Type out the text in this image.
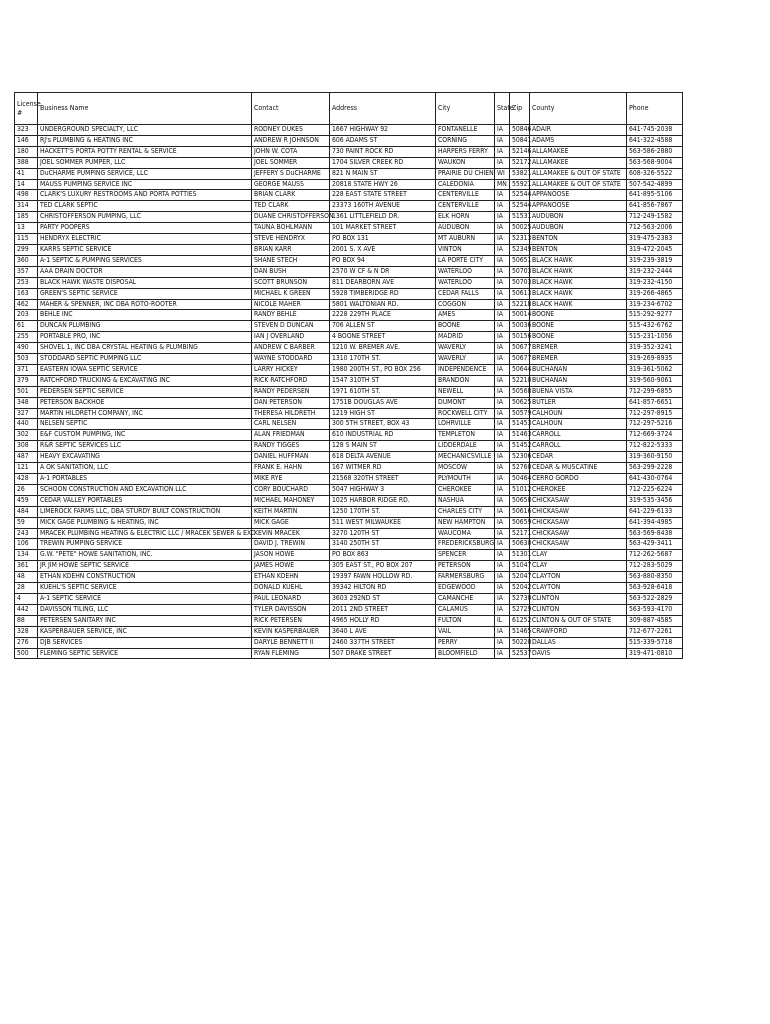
License #	Business Name	Contact	Address	City	State	Zip	County	Phone
323	UNDERGROUND SPECIALTY, LLC	RODNEY DUKES	1667 HIGHWAY 92	FONTANELLE	IA	50846	ADAIR	641-745-2038
146	RJ's PLUMBING & HEATING INC	ANDREW R JOHNSON	606 ADAMS ST	CORNING	IA	50841	ADAMS	641-322-4588
180	HACKETT'S PORTA POTTY RENTAL & SERVICE	JOHN W. COTA	730 PAINT ROCK RD	HARPERS FERRY	IA	52146	ALLAMAKEE	563-586-2880
388	JOEL SOMMER PUMPER, LLC	JOEL SOMMER	1704 SILVER CREEK RD	WAUKON	IA	52172	ALLAMAKEE	563-568-9004
41	DuCHARME PUMPING SERVICE, LLC	JEFFERY S DuCHARME	821 N MAIN ST	PRAIRIE DU CHIEN	WI	53821	ALLAMAKEE & OUT OF STATE	608-326-5522
14	MAUSS PUMPING SERVICE INC	GEORGE MAUSS	20818 STATE HWY 26	CALEDONIA	MN	55921	ALLAMAKEE & OUT OF STATE	507-542-4899
498	CLARK'S LUXURY RESTROOMS AND PORTA POTTIES	BRIAN CLARK	228 EAST STATE STREET	CENTERVILLE	IA	52544	APPANOOSE	641-895-5106
314	TED CLARK SEPTIC	TED CLARK	23373 160TH AVENUE	CENTERVILLE	IA	52544	APPANOOSE	641-856-7867
185	CHRISTOFFERSON PUMPING, LLC	DUANE CHRISTOFFERSON	1361 LITTLEFIELD DR.	ELK HORN	IA	51531	AUDUBON	712-249-1582
13	PARTY POOPERS	TAUNA BOHLMANN	101 MARKET STREET	AUDUBON	IA	50025	AUDUBON	712-563-2006
115	HENDRYX ELECTRIC	STEVE HENDRYX	PO BOX 131	MT AUBURN	IA	52313	BENTON	319-475-2383
299	KARRS SEPTIC SERVICE	BRIAN KARR	2001 S. X AVE	VINTON	IA	52349	BENTON	319-472-2045
360	A-1 SEPTIC & PUMPING SERVICES	SHANE STECH	PO BOX 94	LA PORTE CITY	IA	50651	BLACK HAWK	319-239-3819
357	AAA DRAIN DOCTOR	DAN BUSH	2570 W CF & N DR	WATERLOO	IA	50703	BLACK HAWK	319-232-2444
253	BLACK HAWK WASTE DISPOSAL	SCOTT BRUNSON	811 DEARBORN AVE	WATERLOO	IA	50703	BLACK HAWK	319-232-4150
163	GREEN'S SEPTIC SERVICE	MICHAEL K GREEN	5928 TIMBERIDGE RD	CEDAR FALLS	IA	50613	BLACK HAWK	319-266-4865
462	MAHER & SPENNER, INC DBA ROTO-ROOTER	NICOLE MAHER	5801 WALTONIAN RD.	COGGON	IA	52218	BLACK HAWK	319-234-6702
203	BEHLE INC	RANDY BEHLE	2228 229TH PLACE	AMES	IA	50014	BOONE	515-292-9277
61	DUNCAN PLUMBING	STEVEN D DUNCAN	706 ALLEN ST	BOONE	IA	50036	BOONE	515-432-6762
255	PORTABLE PRO, INC	IAN J OVERLAND	4 BOONE STREET	MADRID	IA	50156	BOONE	515-231-1056
490	SHOVEL 1, INC DBA CRYSTAL HEATING & PLUMBING	ANDREW C BARBER	1210 W. BREMER AVE.	WAVERLY	IA	50677	BREMER	319-352-3241
503	STODDARD SEPTIC PUMPING LLC	WAYNE STODDARD	1310 170TH ST.	WAVERLY	IA	50677	BREMER	319-269-8935
371	EASTERN IOWA SEPTIC SERVICE	LARRY HICKEY	1980 200TH ST., PO BOX 256	INDEPENDENCE	IA	50644	BUCHANAN	319-361-5062
379	RATCHFORD TRUCKING & EXCAVATING INC	RICK RATCHFORD	1547 310TH ST	BRANDON	IA	52210	BUCHANAN	319-560-9061
501	PEDERSEN SEPTIC SERVICE	RANDY PEDERSEN	1971 610TH ST.	NEWELL	IA	50568	BUENA VISTA	712-299-6855
348	PETERSON BACKHOE	DAN PETERSON	1751B DOUGLAS AVE	DUMONT	IA	50625	BUTLER	641-857-6651
327	MARTIN HILDRETH COMPANY, INC	THERESA HILDRETH	1219 HIGH ST	ROCKWELL CITY	IA	50579	CALHOUN	712-297-8915
440	NELSEN SEPTIC	CARL NELSEN	300 5TH STREET, BOX 43	LOHRVILLE	IA	51453	CALHOUN	712-297-5216
302	E&F CUSTOM PUMPING, INC	ALAN FRIEDMAN	610 INDUSTRIAL RD	TEMPLETON	IA	51463	CARROLL	712-669-3724
308	R&R SEPTIC SERVICES LLC	RANDY TIGGES	128 S MAIN ST	LIDDERDALE	IA	51452	CARROLL	712-822-5333
487	HEAVY EXCAVATING	DANIEL HUFFMAN	618 DELTA AVENUE	MECHANICSVILLE	IA	52306	CEDAR	319-360-9150
121	A OK SANITATION, LLC	FRANK E. HAHN	167 WITMER RD	MOSCOW	IA	52760	CEDAR & MUSCATINE	563-299-2228
428	A-1 PORTABLES	MIKE RYE	21568 320TH STREET	PLYMOUTH	IA	50464	CERRO GORDO	641-430-0764
26	SCHOON CONSTRUCTION AND EXCAVATION LLC	CORY BOUCHARD	5047 HIGHWAY 3	CHEROKEE	IA	51012	CHEROKEE	712-225-6224
459	CEDAR VALLEY PORTABLES	MICHAEL MAHONEY	1025 HARBOR RIDGE RD.	NASHUA	IA	50658	CHICKASAW	319-535-3456
484	LIMEROCK FARMS LLC, DBA STURDY BUILT CONSTRUCTION	KEITH MARTIN	1250 170TH ST.	CHARLES CITY	IA	50616	CHICKASAW	641-229-6133
59	MICK GAGE PLUMBING & HEATING, INC	MICK GAGE	511 WEST MILWAUKEE	NEW HAMPTON	IA	50659	CHICKASAW	641-394-4985
243	MRACEK PLUMBING HEATING & ELECTRIC LLC / MRACEK SEWER & EXC	KEVIN MRACEK	3270 120TH ST	WAUCOMA	IA	52171	CHICKASAW	563-569-8438
106	TREWIN PUMPING SERVICE	DAVID J. TREWIN	3140 250TH ST	FREDERICKSBURG	IA	50630	CHICKASAW	563-429-3411
134	G.W. "PETE" HOWE SANITATION, INC.	JASON HOWE	PO BOX 863	SPENCER	IA	51301	CLAY	712-262-5687
361	JR JIM HOWE SEPTIC SERVICE	JAMES HOWE	305 EAST ST., PO BOX 207	PETERSON	IA	51047	CLAY	712-283-5029
48	ETHAN KOEHN CONSTRUCTION	ETHAN KOEHN	19397 FAWN HOLLOW RD.	FARMERSBURG	IA	52047	CLAYTON	563-880-8350
28	KUEHL'S SEPTIC SERVICE	DONALD KUEHL	39342 HILTON RD	EDGEWOOD	IA	52042	CLAYTON	563-928-6418
4	A-1 SEPTIC SERVICE	PAUL LEONARD	3603 292ND ST	CAMANCHE	IA	52730	CLINTON	563-522-2829
442	DAVISSON TILING, LLC	TYLER DAVISSON	2011 2ND STREET	CALAMUS	IA	52729	CLINTON	563-593-4170
88	PETERSEN SANITARY INC	RICK PETERSEN	4965 HOLLY RD	FULTON	IL	61252	CLINTON & OUT OF STATE	309-887-4585
328	KASPERBAUER SERVICE, INC	KEVIN KASPERBAUER	3640 L AVE	VAIL	IA	51465	CRAWFORD	712-677-2261
276	DJB SERVICES	DARYLE BENNETT II	2460 337TH STREET	PERRY	IA	50220	DALLAS	515-339-5718
500	FLEMING SEPTIC SERVICE	RYAN FLEMING	507 DRAKE STREET	BLOOMFIELD	IA	52537	DAVIS	319-471-0810
